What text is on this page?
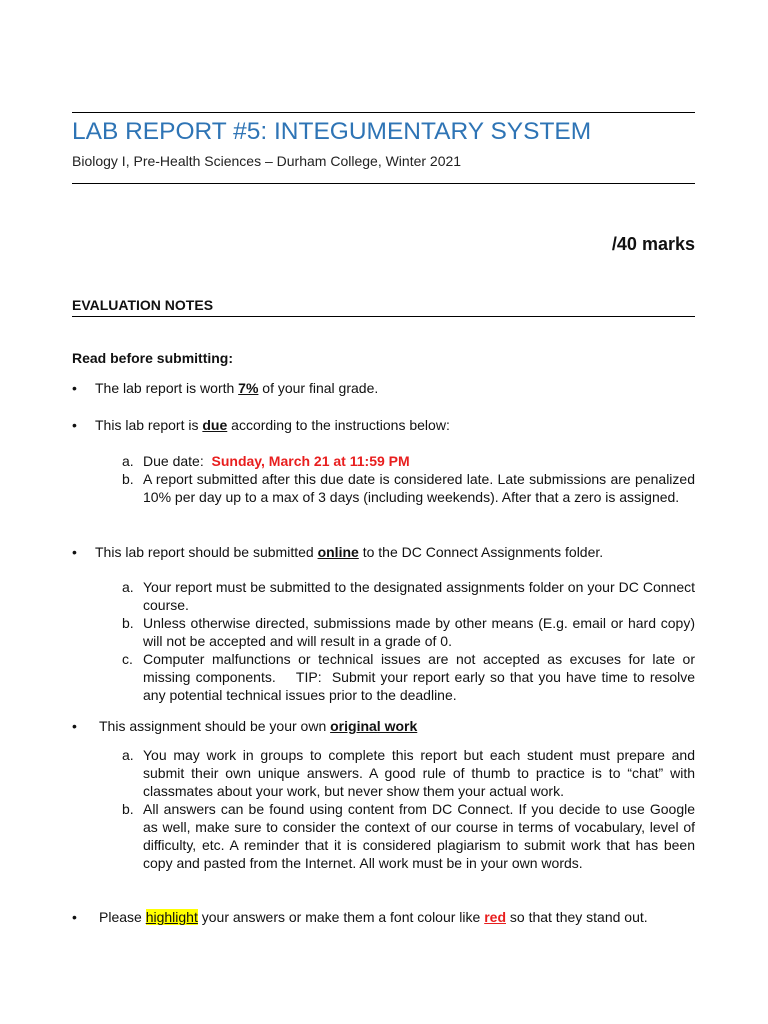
LAB REPORT #5: INTEGUMENTARY SYSTEM
Biology I, Pre-Health Sciences – Durham College, Winter 2021
/40 marks
EVALUATION NOTES
Read before submitting:
• The lab report is worth 7% of your final grade.
• This lab report is due according to the instructions below:
a. Due date:  Sunday, March 21 at 11:59 PM
b. A report submitted after this due date is considered late. Late submissions are penalized 10% per day up to a max of 3 days (including weekends). After that a zero is assigned.
• This lab report should be submitted online to the DC Connect Assignments folder.
a. Your report must be submitted to the designated assignments folder on your DC Connect course.
b. Unless otherwise directed, submissions made by other means (E.g. email or hard copy) will not be accepted and will result in a grade of 0.
c. Computer malfunctions or technical issues are not accepted as excuses for late or missing components.    TIP:  Submit your report early so that you have time to resolve any potential technical issues prior to the deadline.
• This assignment should be your own original work
a. You may work in groups to complete this report but each student must prepare and submit their own unique answers. A good rule of thumb to practice is to “chat” with classmates about your work, but never show them your actual work.
b. All answers can be found using content from DC Connect. If you decide to use Google as well, make sure to consider the context of our course in terms of vocabulary, level of difficulty, etc. A reminder that it is considered plagiarism to submit work that has been copy and pasted from the Internet. All work must be in your own words.
• Please highlight your answers or make them a font colour like red so that they stand out.
